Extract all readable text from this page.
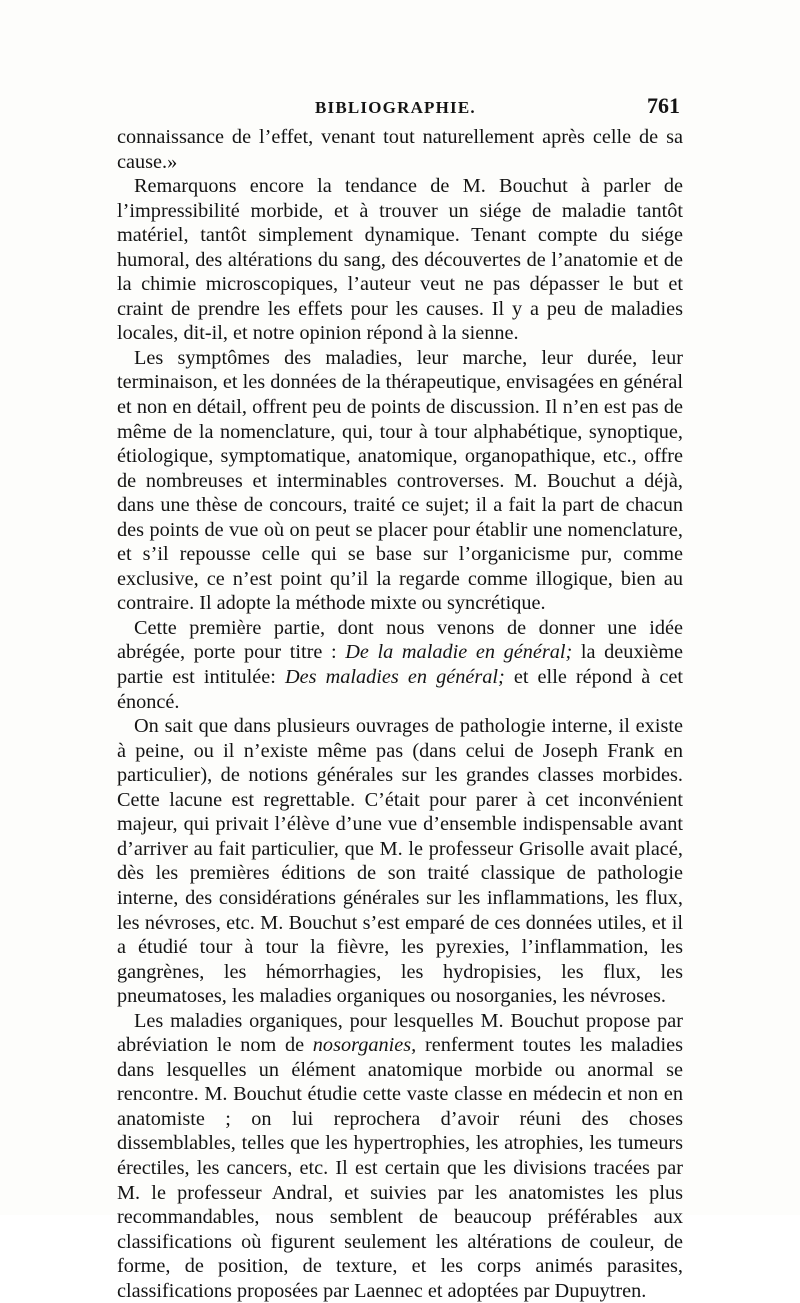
BIBLIOGRAPHIE.	761

connaissance de l’effet, venant tout naturellement après celle de sa cause.»

Remarquons encore la tendance de M. Bouchut à parler de l’impressibilité morbide, et à trouver un siége de maladie tantôt matériel, tantôt simplement dynamique. Tenant compte du siége humoral, des altérations du sang, des découvertes de l’anatomie et de la chimie microscopiques, l’auteur veut ne pas dépasser le but et craint de prendre les effets pour les causes. Il y a peu de maladies locales, dit-il, et notre opinion répond à la sienne.

Les symptômes des maladies, leur marche, leur durée, leur terminaison, et les données de la thérapeutique, envisagées en général et non en détail, offrent peu de points de discussion. Il n’en est pas de même de la nomenclature, qui, tour à tour alphabétique, synoptique, étiologique, symptomatique, anatomique, organopathique, etc., offre de nombreuses et interminables controverses. M. Bouchut a déjà, dans une thèse de concours, traité ce sujet; il a fait la part de chacun des points de vue où on peut se placer pour établir une nomenclature, et s’il repousse celle qui se base sur l’organicisme pur, comme exclusive, ce n’est point qu’il la regarde comme illogique, bien au contraire. Il adopte la méthode mixte ou syncrétique.

Cette première partie, dont nous venons de donner une idée abrégée, porte pour titre : De la maladie en général; la deuxième partie est intitulée: Des maladies en général; et elle répond à cet énoncé.

On sait que dans plusieurs ouvrages de pathologie interne, il existe à peine, ou il n’existe même pas (dans celui de Joseph Frank en particulier), de notions générales sur les grandes classes morbides. Cette lacune est regrettable. C’était pour parer à cet inconvénient majeur, qui privait l’élève d’une vue d’ensemble indispensable avant d’arriver au fait particulier, que M. le professeur Grisolle avait placé, dès les premières éditions de son traité classique de pathologie interne, des considérations générales sur les inflammations, les flux, les névroses, etc. M. Bouchut s’est emparé de ces données utiles, et il a étudié tour à tour la fièvre, les pyrexies, l’inflammation, les gangrènes, les hémorrhagies, les hydropisies, les flux, les pneumatoses, les maladies organiques ou nosorganies, les névroses.

Les maladies organiques, pour lesquelles M. Bouchut propose par abréviation le nom de nosorganies, renferment toutes les maladies dans lesquelles un élément anatomique morbide ou anormal se rencontre. M. Bouchut étudie cette vaste classe en médecin et non en anatomiste ; on lui reprochera d’avoir réuni des choses dissemblables, telles que les hypertrophies, les atrophies, les tumeurs érectiles, les cancers, etc. Il est certain que les divisions tracées par M. le professeur Andral, et suivies par les anatomistes les plus recommandables, nous semblent de beaucoup préférables aux classifications où figurent seulement les altérations de couleur, de forme, de position, de texture, et les corps animés parasites, classifications proposées par Laennec et adoptées par Dupuytren.
